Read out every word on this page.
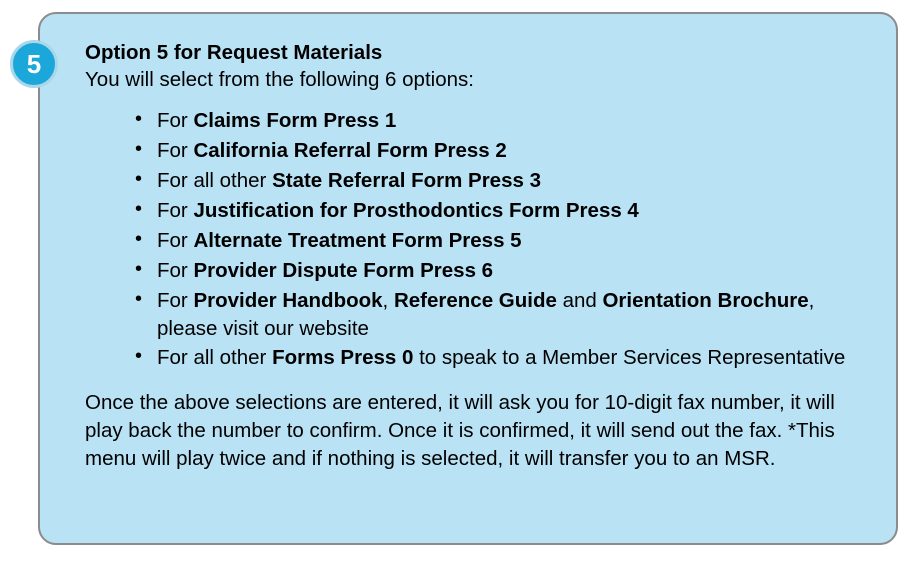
Option 5 for Request Materials

You will select from the following 6 options:

• For Claims Form Press 1
• For California Referral Form Press 2
• For all other State Referral Form Press 3
• For Justification for Prosthodontics Form Press 4
• For Alternate Treatment Form Press 5
• For Provider Dispute Form Press 6
• For Provider Handbook, Reference Guide and Orientation Brochure, please visit our website
• For all other Forms Press 0 to speak to a Member Services Representative

Once the above selections are entered, it will ask you for 10-digit fax number, it will play back the number to confirm. Once it is confirmed, it will send out the fax. *This menu will play twice and if nothing is selected, it will transfer you to an MSR.

5
